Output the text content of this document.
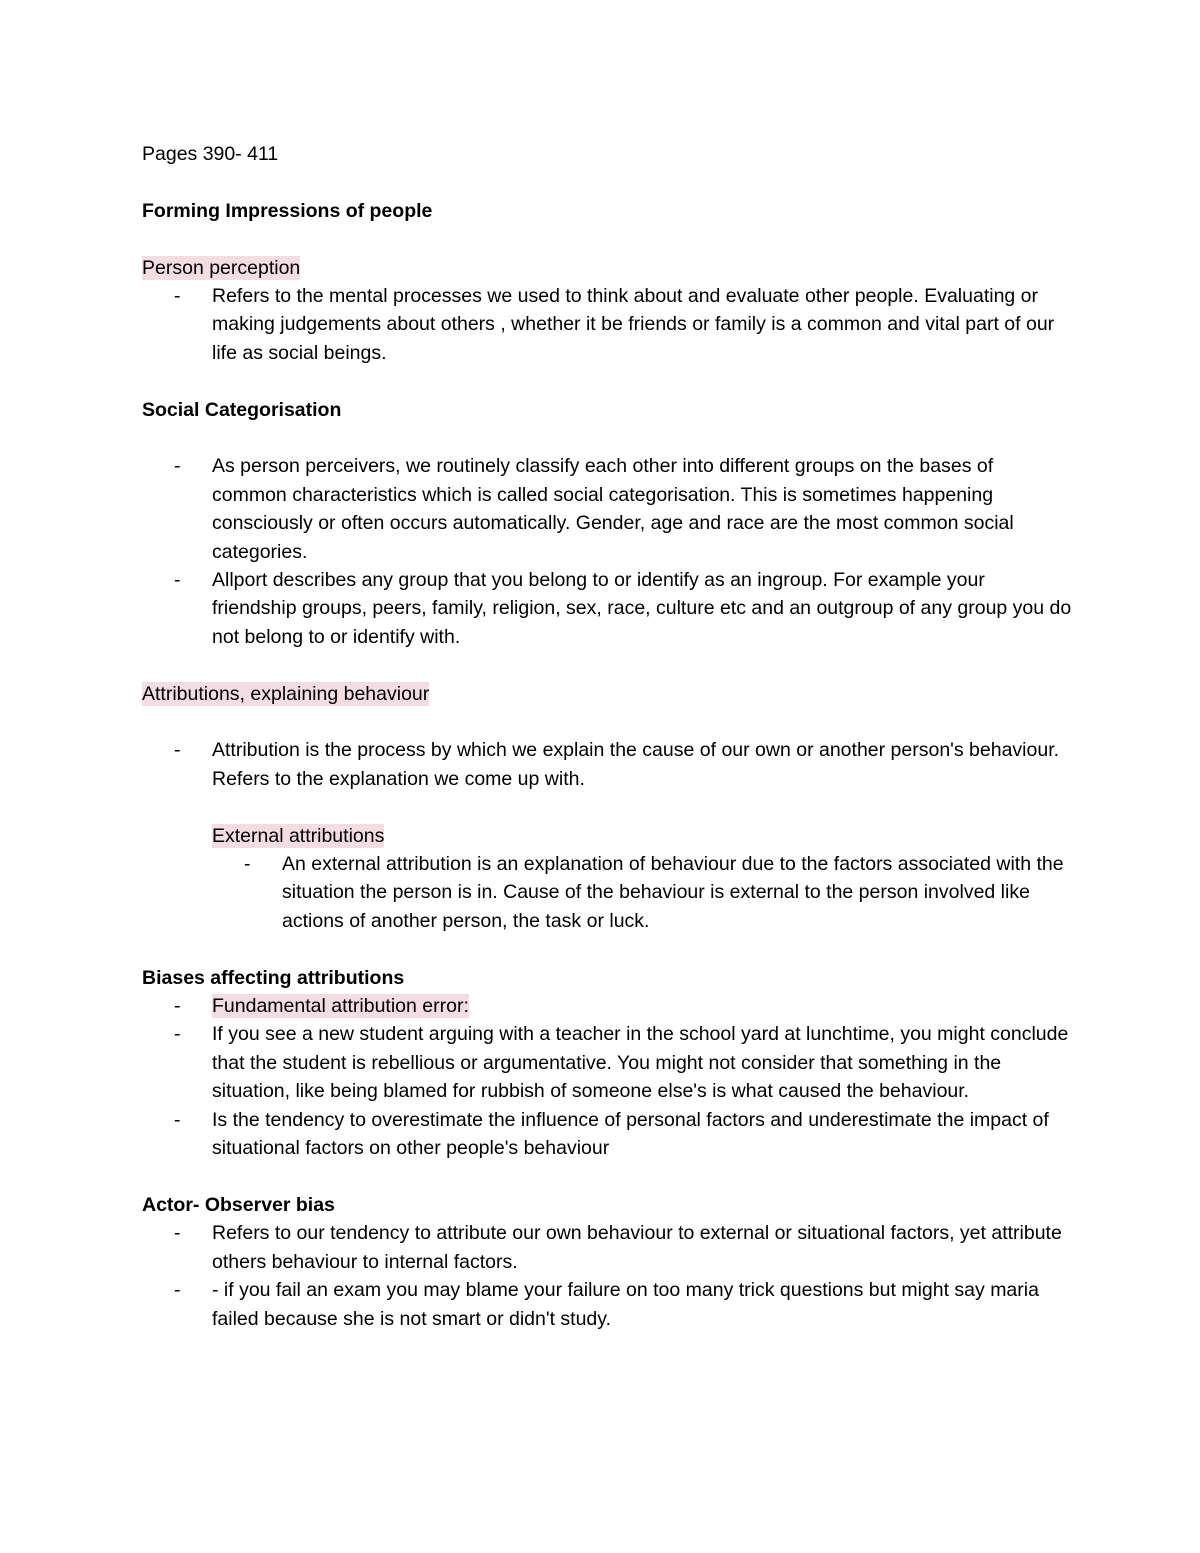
Pages 390- 411

Forming Impressions of people

Person perception

- Refers to the mental processes we used to think about and evaluate other people. Evaluating or making judgements about others , whether it be friends or family is a common and vital part of our life as social beings.

Social Categorisation

- As person perceivers, we routinely classify each other into different groups on the bases of common characteristics which is called social categorisation. This is sometimes happening consciously or often occurs automatically. Gender, age and race are the most common social categories.
- Allport describes any group that you belong to or identify as an ingroup. For example your friendship groups, peers, family, religion, sex, race, culture etc and an outgroup of any group you do not belong to or identify with.

Attributions, explaining behaviour

- Attribution is the process by which we explain the cause of our own or another person's behaviour. Refers to the explanation we come up with.

External attributions

- An external attribution is an explanation of behaviour due to the factors associated with the situation the person is in. Cause of the behaviour is external to the person involved like actions of another person, the task or luck.

Biases affecting attributions

- Fundamental attribution error:
- If you see a new student arguing with a teacher in the school yard at lunchtime, you might conclude that the student is rebellious or argumentative. You might not consider that something in the situation, like being blamed for rubbish of someone else's is what caused the behaviour.
- Is the tendency to overestimate the influence of personal factors and underestimate the impact of situational factors on other people's behaviour

Actor- Observer bias

- Refers to our tendency to attribute our own behaviour to external or situational factors, yet attribute others behaviour to internal factors.
- - if you fail an exam you may blame your failure on too many trick questions but might say maria failed because she is not smart or didn't study.
